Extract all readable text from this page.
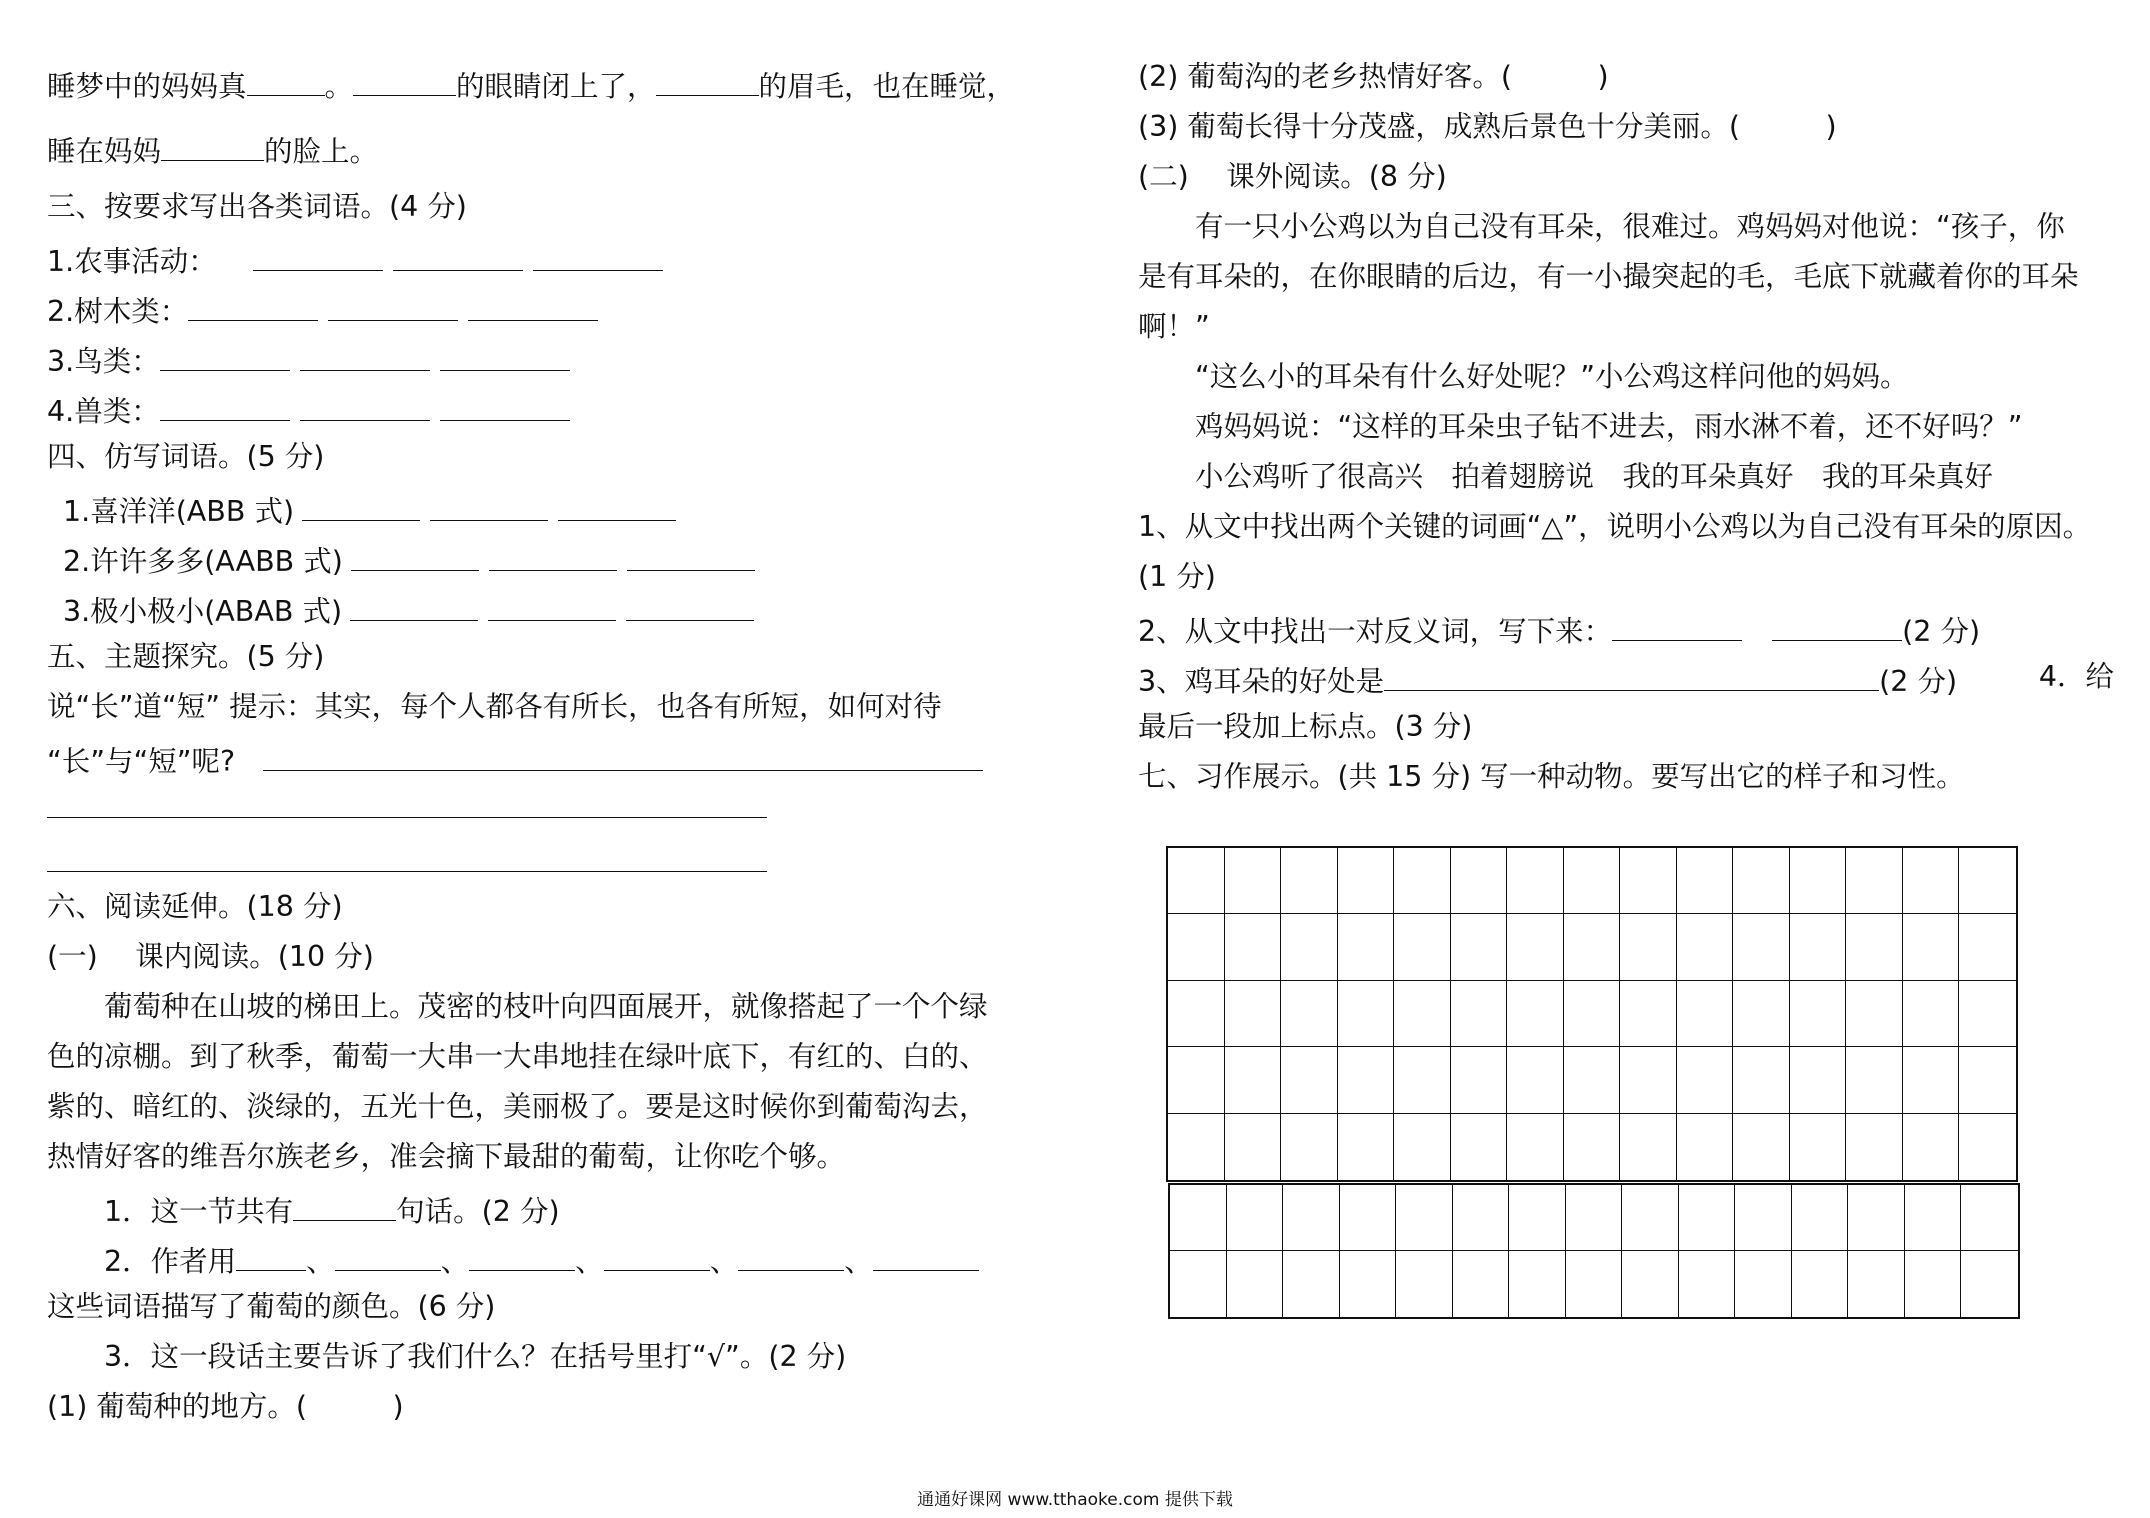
睡梦中的妈妈真	。	的眼睛闭上了，	的眉毛，也在睡觉，
睡在妈妈	的脸上。
三、按要求写出各类词语。(4 分)
1.农事活动：
2.树木类：
3.鸟类：
4.兽类：
四、仿写词语。(5 分)
1.喜洋洋(ABB 式)
2.许许多多(AABB 式)
3.极小极小(ABAB 式)
五、主题探究。(5 分)
说“长”道“短” 提示：其实，每个人都各有所长，也各有所短，如何对待
“长”与“短”呢?
六、阅读延伸。(18 分)
(一)　 课内阅读。(10 分)
葡萄种在山坡的梯田上。茂密的枝叶向四面展开，就像搭起了一个个绿
色的凉棚。到了秋季，葡萄一大串一大串地挂在绿叶底下，有红的、白的、
紫的、暗红的、淡绿的，五光十色，美丽极了。要是这时候你到葡萄沟去，
热情好客的维吾尔族老乡，准会摘下最甜的葡萄，让你吃个够。
1．这一节共有	句话。(2 分)
2．作者用 、	、	、	、	、
这些词语描写了葡萄的颜色。(6 分)
3．这一段话主要告诉了我们什么？在括号里打“√”。(2 分)
(1) 葡萄种的地方。(　　　)
(2) 葡萄沟的老乡热情好客。(　　　)
(3) 葡萄长得十分茂盛，成熟后景色十分美丽。(　　　)
(二)　 课外阅读。(8 分)
有一只小公鸡以为自己没有耳朵，很难过。鸡妈妈对他说：“孩子，你
是有耳朵的，在你眼睛的后边，有一小撮突起的毛，毛底下就藏着你的耳朵
啊！”
“这么小的耳朵有什么好处呢？”小公鸡这样问他的妈妈。
鸡妈妈说：“这样的耳朵虫子钻不进去，雨水淋不着，还不好吗？”
小公鸡听了很高兴　拍着翅膀说　我的耳朵真好　我的耳朵真好
1、从文中找出两个关键的词画“△”，说明小公鸡以为自己没有耳朵的原因。
(1 分)
2、从文中找出一对反义词，写下来：	(2 分)
3、鸡耳朵的好处是	(2 分)	4．给
最后一段加上标点。(3 分)
七、习作展示。(共 15 分) 写一种动物。要写出它的样子和习性。
通通好课网 www.tthaoke.com 提供下载
